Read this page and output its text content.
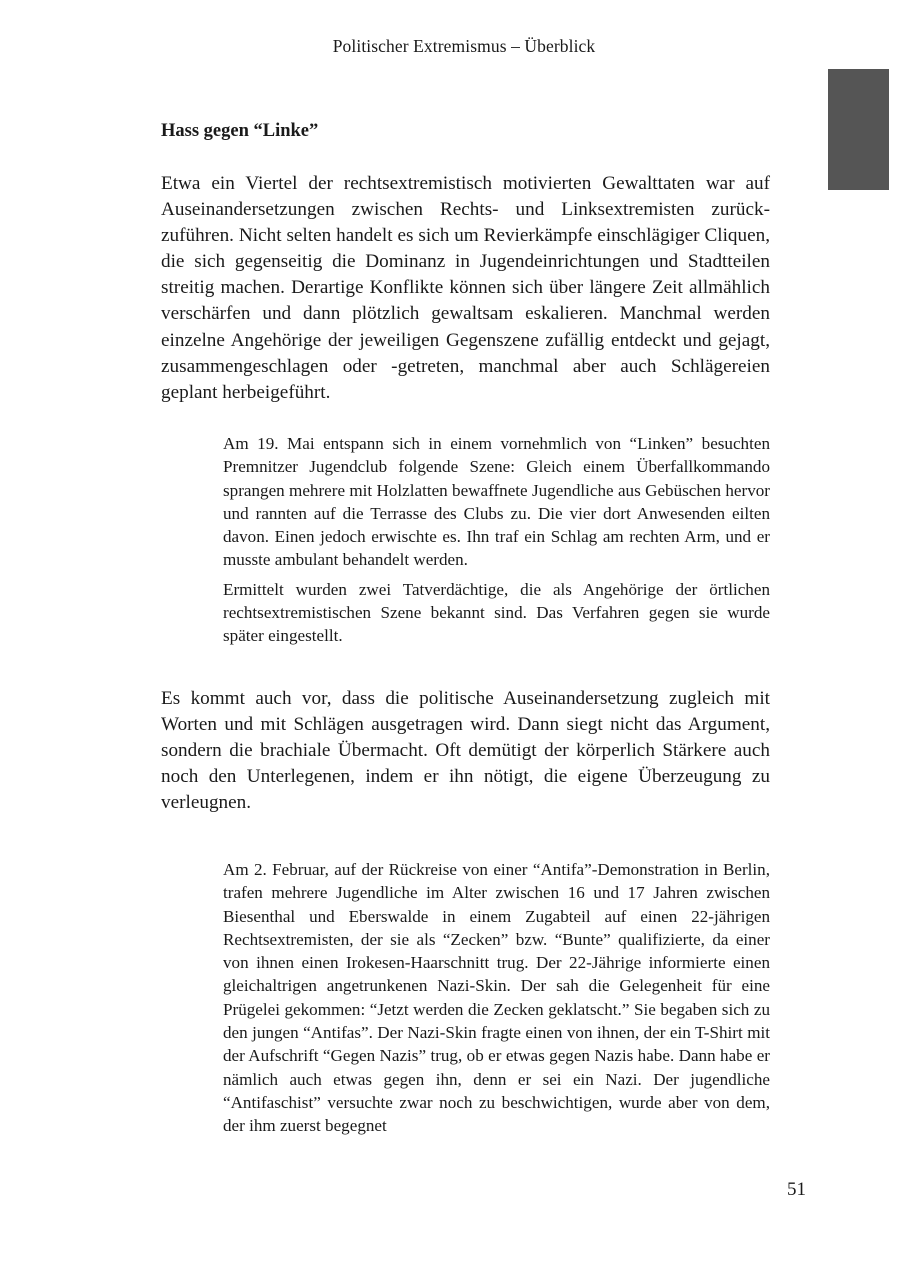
Politischer Extremismus – Überblick
Hass gegen “Linke”

Etwa ein Viertel der rechtsextremistisch motivierten Gewalttaten war auf Auseinandersetzungen zwischen Rechts- und Linksextremisten zurückzuführen. Nicht selten handelt es sich um Revierkämpfe einschlägiger Cliquen, die sich gegenseitig die Dominanz in Jugendeinrichtungen und Stadtteilen streitig machen. Derartige Konflikte können sich über längere Zeit allmählich verschärfen und dann plötzlich gewaltsam eskalieren. Manchmal werden einzelne Angehörige der jeweiligen Gegenszene zufällig entdeckt und gejagt, zusammengeschlagen oder -getreten, manchmal aber auch Schlägereien geplant herbeigeführt.

Am 19. Mai entspann sich in einem vornehmlich von “Linken” besuchten Premnitzer Jugendclub folgende Szene: Gleich einem Überfallkommando sprangen mehrere mit Holzlatten bewaffnete Jugendliche aus Gebüschen hervor und rannten auf die Terrasse des Clubs zu. Die vier dort Anwesenden eilten davon. Einen jedoch erwischte es. Ihn traf ein Schlag am rechten Arm, und er musste ambulant behandelt werden.

Ermittelt wurden zwei Tatverdächtige, die als Angehörige der örtlichen rechtsextremistischen Szene bekannt sind. Das Verfahren gegen sie wurde später eingestellt.

Es kommt auch vor, dass die politische Auseinandersetzung zugleich mit Worten und mit Schlägen ausgetragen wird. Dann siegt nicht das Argument, sondern die brachiale Übermacht. Oft demütigt der körperlich Stärkere auch noch den Unterlegenen, indem er ihn nötigt, die eigene Überzeugung zu verleugnen.

Am 2. Februar, auf der Rückreise von einer “Antifa”-Demonstration in Berlin, trafen mehrere Jugendliche im Alter zwischen 16 und 17 Jahren zwischen Biesenthal und Eberswalde in einem Zugabteil auf einen 22-jährigen Rechtsextremisten, der sie als “Zecken” bzw. “Bunte” qualifizierte, da einer von ihnen einen Irokesen-Haarschnitt trug. Der 22-Jährige informierte einen gleichaltrigen angetrunkenen Nazi-Skin. Der sah die Gelegenheit für eine Prügelei gekommen: “Jetzt werden die Zecken geklatscht.” Sie begaben sich zu den jungen “Antifas”. Der Nazi-Skin fragte einen von ihnen, der ein T-Shirt mit der Aufschrift “Gegen Nazis” trug, ob er etwas gegen Nazis habe. Dann habe er nämlich auch etwas gegen ihn, denn er sei ein Nazi. Der jugendliche “Antifaschist” versuchte zwar noch zu beschwichtigen, wurde aber von dem, der ihm zuerst begegnet

51
